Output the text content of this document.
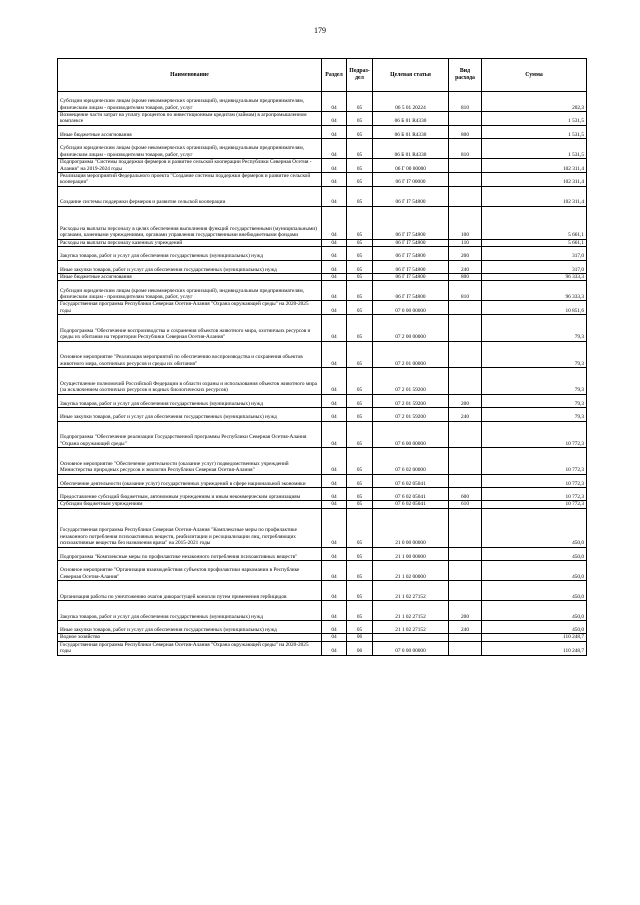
179
Наименование	Раздел	Подраз-дел	Целевая статья	Вид расхода	Сумма
Субсидии юридическим лицам (кроме некоммерческих организаций), индивидуальным предпринимателям, физическим лицам - производителям товаров, работ, услуг	04	05	06 5 01 20224	810	202,3
Возмещение части затрат на уплату процентов по инвестиционным кредитам (займам) в агропромышленном комплексе	04	05	06 Б 01 R4330		1 531,5
Иные бюджетные ассигнования	04	05	06 Б 01 R4330	800	1 531,5
Субсидии юридическим лицам (кроме некоммерческих организаций), индивидуальным предпринимателям, физическим лицам - производителям товаров, работ, услуг	04	05	06 Б 01 R4330	810	1 531,5
Подпрограмма "Системы поддержки фермеров и развитие сельской кооперации Республики Северная Осетия - Алания" на 2019-2024 годы	04	05	06 Г 00 00000		102 311,4
Реализация мероприятий Федерального проекта "Создание системы поддержки фермеров и развитие сельской кооперации"	04	05	06 Г I7 00000		102 311,4
Создание системы поддержки фермеров и развитие сельской кооперации	04	05	06 Г I7 54800		102 311,4
Расходы на выплаты персоналу в целях обеспечения выполнения функций государственными (муниципальными) органами, казенными учреждениями, органами управления государственными внебюджетными фондами	04	05	06 Г I7 54800	100	5 661,1
Расходы на выплаты персоналу казенных учреждений	04	05	06 Г I7 54800	110	5 661,1
Закупка товаров, работ и услуг для обеспечения государственных (муниципальных) нужд	04	05	06 Г I7 54800	200	317,0
Иные закупки товаров, работ и услуг для обеспечения государственных (муниципальных) нужд	04	05	06 Г I7 54800	240	317,0
Иные бюджетные ассигнования	04	05	06 Г I7 54800	800	96 333,3
Субсидии юридическим лицам (кроме некоммерческих организаций), индивидуальным предпринимателям, физическим лицам - производителям товаров, работ, услуг	04	05	06 Г I7 54800	810	96 333,3
Государственная программа Республики Северная Осетия-Алания "Охрана окружающей среды" на 2020-2025 годы	04	05	07 0 00 00000		10 851,6
Подпрограмма "Обеспечение воспроизводства и сохранения объектов животного мира, охотничьих ресурсов и среды их обитания на территории Республики Северная Осетия-Алания"	04	05	07 2 00 00000		79,3
Основное мероприятие "Реализация мероприятий по обеспечению воспроизводства и сохранения объектов животного мира, охотничьих ресурсов и среды их обитания"	04	05	07 2 01 00000		79,3
Осуществление полномочий Российской Федерации в области охраны и использования объектов животного мира (за исключением охотничьих ресурсов и водных биологических ресурсов)	04	05	07 2 01 59200		79,3
Закупка товаров, работ и услуг для обеспечения государственных (муниципальных) нужд	04	05	07 2 01 59200	200	79,3
Иные закупки товаров, работ и услуг для обеспечения государственных (муниципальных) нужд	04	05	07 2 01 59200	240	79,3
Подпрограмма "Обеспечение реализации Государственной программы Республики Северная Осетия-Алания "Охрана окружающей среды"	04	05	07 6 00 00000		10 772,3
Основное мероприятие "Обеспечение деятельности (оказание услуг) подведомственных учреждений Министерства природных ресурсов и экологии Республики Северная Осетия-Алания"	04	05	07 6 02 00000		10 772,3
Обеспечение деятельности (оказание услуг) государственных учреждений в сфере национальной экономики	04	05	07 6 02 05041		10 772,3
Предоставление субсидий бюджетным, автономным учреждениям и иным некоммерческим организациям	04	05	07 6 02 05041	600	10 772,3
Субсидии бюджетным учреждениям	04	05	07 6 02 05041	610	10 772,3
Государственная программа Республики Северная Осетия-Алания "Комплексные меры по профилактике незаконного потребления психоактивных веществ, реабилитации и ресоциализации лиц, потребляющих психоактивные вещества без назначения врача" на 2015-2021 годы	04	05	21 0 00 00000		450,0
Подпрограмма "Комплексные меры по профилактике незаконного потребления психоактивных веществ"	04	05	21 1 00 00000		450,0
Основное мероприятие "Организация взаимодействия субъектов профилактики наркомании в Республике Северная Осетия-Алания"	04	05	21 1 02 00000		450,0
Организация работы по уничтожению очагов дикорастущей конопли путем применения гербицидов	04	05	21 1 02 27152		450,0
Закупка товаров, работ и услуг для обеспечения государственных (муниципальных) нужд	04	05	21 1 02 27152	200	450,0
Иные закупки товаров, работ и услуг для обеспечения государственных (муниципальных) нужд	04	05	21 1 02 27152	240	450,0
Водное хозяйство	04	06			110 248,7
Государственная программа Республики Северная Осетия-Алания "Охрана окружающей среды" на 2020-2025 годы	04	06	07 0 00 00000		110 248,7
